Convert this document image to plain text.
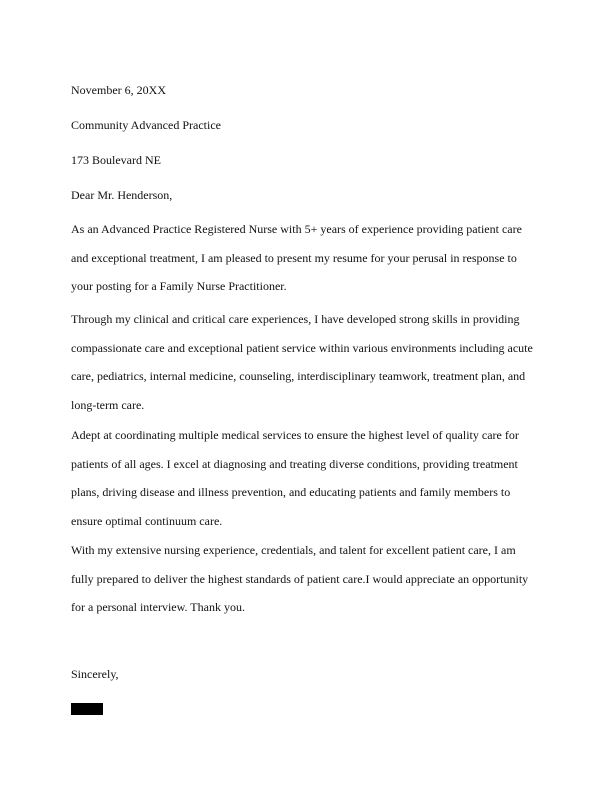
November 6, 20XX
Community Advanced Practice
173 Boulevard NE
Dear Mr. Henderson,
As an Advanced Practice Registered Nurse with 5+ years of experience providing patient care
and exceptional treatment, I am pleased to present my resume for your perusal in response to
your posting for a Family Nurse Practitioner.
Through my clinical and critical care experiences, I have developed strong skills in providing
compassionate care and exceptional patient service within various environments including acute
care, pediatrics, internal medicine, counseling, interdisciplinary teamwork, treatment plan, and
long-term care.
Adept at coordinating multiple medical services to ensure the highest level of quality care for
patients of all ages. I excel at diagnosing and treating diverse conditions, providing treatment
plans, driving disease and illness prevention, and educating patients and family members to
ensure optimal continuum care.
With my extensive nursing experience, credentials, and talent for excellent patient care, I am
fully prepared to deliver the highest standards of patient care.I would appreciate an opportunity
for a personal interview. Thank you.
Sincerely,
